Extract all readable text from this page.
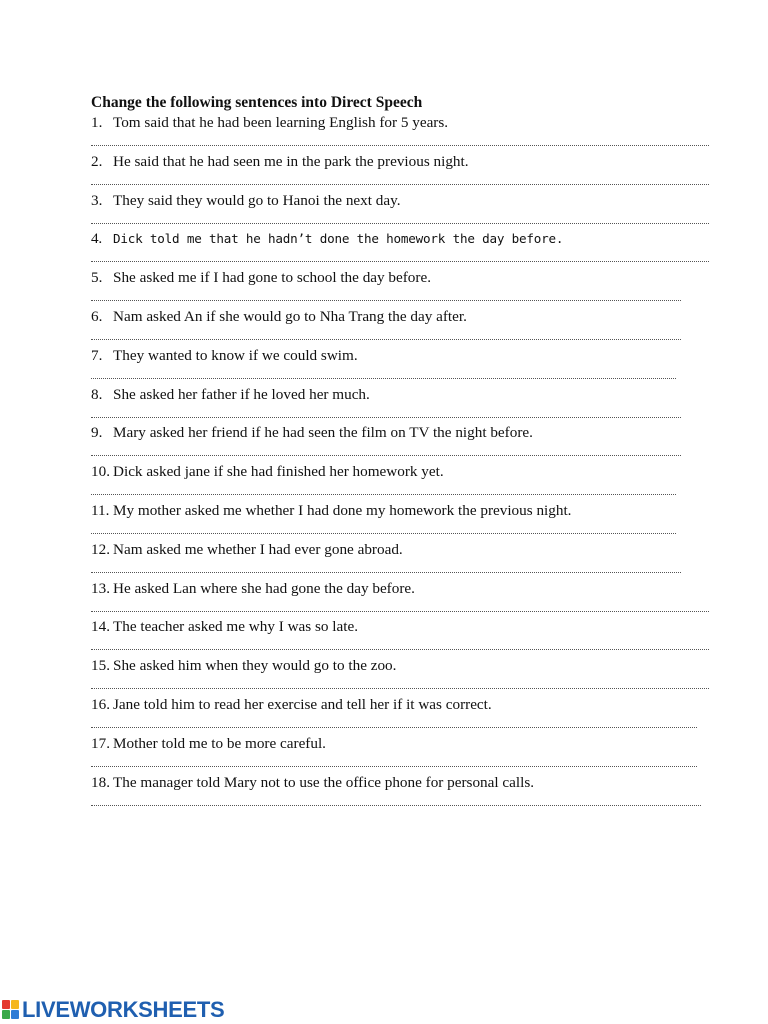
Change the following sentences into Direct Speech
1. Tom said that he had been learning English for 5 years.
2. He said that he had seen me in the park the previous night.
3. They said they would go to Hanoi the next day.
4. Dick told me that he hadn’t done the homework the day before.
5. She asked me if I had gone to school the day before.
6. Nam asked An if she would go to Nha Trang the day after.
7. They wanted to know if we could swim.
8. She asked her father if he loved her much.
9. Mary asked her friend if he had seen the film on TV the night before.
10. Dick asked jane if she had finished her homework yet.
11. My mother asked me whether I had done my homework the previous night.
12. Nam asked me whether I had ever gone abroad.
13. He asked Lan where she had gone the day before.
14. The teacher asked me why I was so late.
15. She asked him when they would go to the zoo.
16. Jane told him to read her exercise and tell her if it was correct.
17. Mother told me to be more careful.
18. The manager told Mary not to use the office phone for personal calls.
LIVEWORKSHEETS
